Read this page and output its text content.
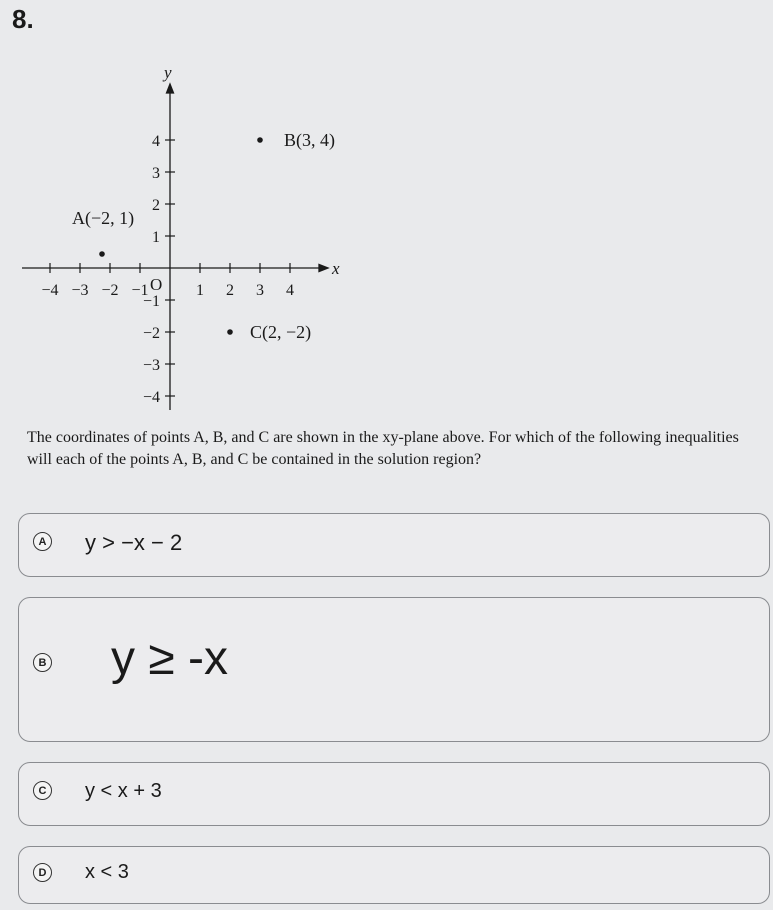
8.
x
y
O
−4 −3 −2 −1	1 2 3 4
4
3
2
1
−1
−2
−3
−4
A(−2, 1)
B(3, 4)
C(2, −2)
The coordinates of points A, B, and C are shown in the xy-plane above. For which of the following inequalities will each of the points A, B, and C be contained in the solution region?
A y > −x − 2
B y ≥ -x
C y < x + 3
D x < 3
